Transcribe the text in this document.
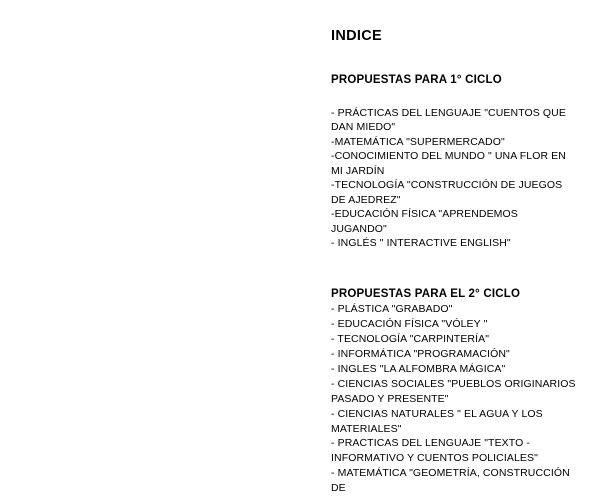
INDICE

PROPUESTAS PARA 1° CICLO

- PRÁCTICAS DEL LENGUAJE "CUENTOS QUE DAN MIEDO"

-MATEMÁTICA "SUPERMERCADO"

-CONOCIMIENTO DEL MUNDO " UNA FLOR EN MI JARDÍN

-TECNOLOGÍA "CONSTRUCCIÓN DE JUEGOS DE AJEDREZ"

-EDUCACIÓN FÍSICA "APRENDEMOS JUGANDO"

- INGLÉS " INTERACTIVE ENGLISH"

PROPUESTAS PARA EL 2° CICLO

- PLÁSTICA "GRABADO"

- EDUCACIÓN FÍSICA "VÓLEY "

- TECNOLOGÍA "CARPINTERÍA"

- INFORMÁTICA "PROGRAMACIÓN"

- INGLES "LA ALFOMBRA MÁGICA"

- CIENCIAS SOCIALES "PUEBLOS ORIGINARIOS PASADO Y PRESENTE"

- CIENCIAS NATURALES " EL AGUA Y LOS MATERIALES"

- PRACTICAS DEL LENGUAJE "TEXTO - INFORMATIVO Y CUENTOS POLICIALES"

- MATEMÁTICA "GEOMETRÍA, CONSTRUCCIÓN DE
